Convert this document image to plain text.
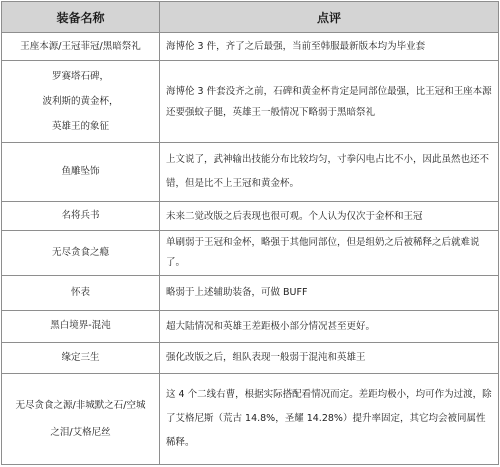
装备名称	点评

王座本源/王冠菲冠/黑暗祭礼	海博伦 3 件，齐了之后最强，当前至韩服最新版本均为毕业套

罗赛塔石碑，
波利斯的黄金杯，
英雄王的象征	海博伦 3 件套没齐之前，石碑和黄金杯肯定是同部位最强，比王冠和王座本源还要强蚊子腿，英雄王一般情况下略弱于黑暗祭礼

鱼雕坠饰	上文说了，武神输出技能分布比较均匀，寸拳闪电占比不小，因此虽然也还不错，但是比不上王冠和黄金杯。

名将兵书	未来二觉改版之后表现也很可观。个人认为仅次于金杯和王冠

无尽贪食之瘾	单刷弱于王冠和金杯，略强于其他同部位，但是组奶之后被稀释之后就难说了。

怀表	略弱于上述辅助装备，可做 BUFF

黑白境界-混沌	超大陆情况和英雄王差距极小部分情况甚至更好。

缘定三生	强化改版之后，组队表现一般弱于混沌和英雄王

无尽贪食之源/非城默之石/空城
之泪/艾格尼丝	这 4 个二线右曹，根据实际搭配看情况而定。差距均极小，均可作为过渡，除了艾格尼斯（荒古 14.8%，圣耀 14.28%）提升率固定，其它均会被同属性稀释。
